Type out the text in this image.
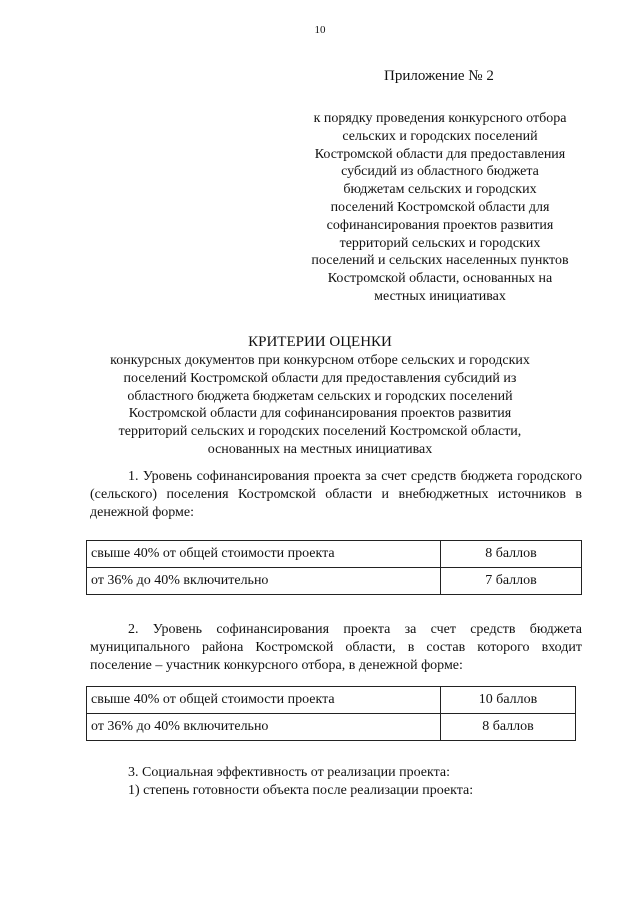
10
Приложение № 2
к порядку проведения конкурсного отбора
сельских и городских поселений
Костромской области для предоставления
субсидий из областного бюджета
бюджетам сельских и городских
поселений Костромской области для
софинансирования проектов развития
территорий сельских и городских
поселений и сельских населенных пунктов
Костромской области, основанных на
местных инициативах
КРИТЕРИИ ОЦЕНКИ
конкурсных документов при конкурсном отборе сельских и городских
поселений Костромской области для предоставления субсидий из
областного бюджета бюджетам сельских и городских поселений
Костромской области для софинансирования проектов развития
территорий сельских и городских поселений Костромской области,
основанных на местных инициативах
1. Уровень софинансирования проекта за счет средств бюджета городского (сельского) поселения Костромской области и внебюджетных источников в денежной форме:
свыше 40% от общей стоимости проекта	8 баллов
от 36% до 40% включительно	7 баллов
2. Уровень софинансирования проекта за счет средств бюджета муниципального района Костромской области, в состав которого входит поселение – участник конкурсного отбора, в денежной форме:
свыше 40% от общей стоимости проекта	10 баллов
от 36% до 40% включительно	8 баллов
3. Социальная эффективность от реализации проекта:
1) степень готовности объекта после реализации проекта:
